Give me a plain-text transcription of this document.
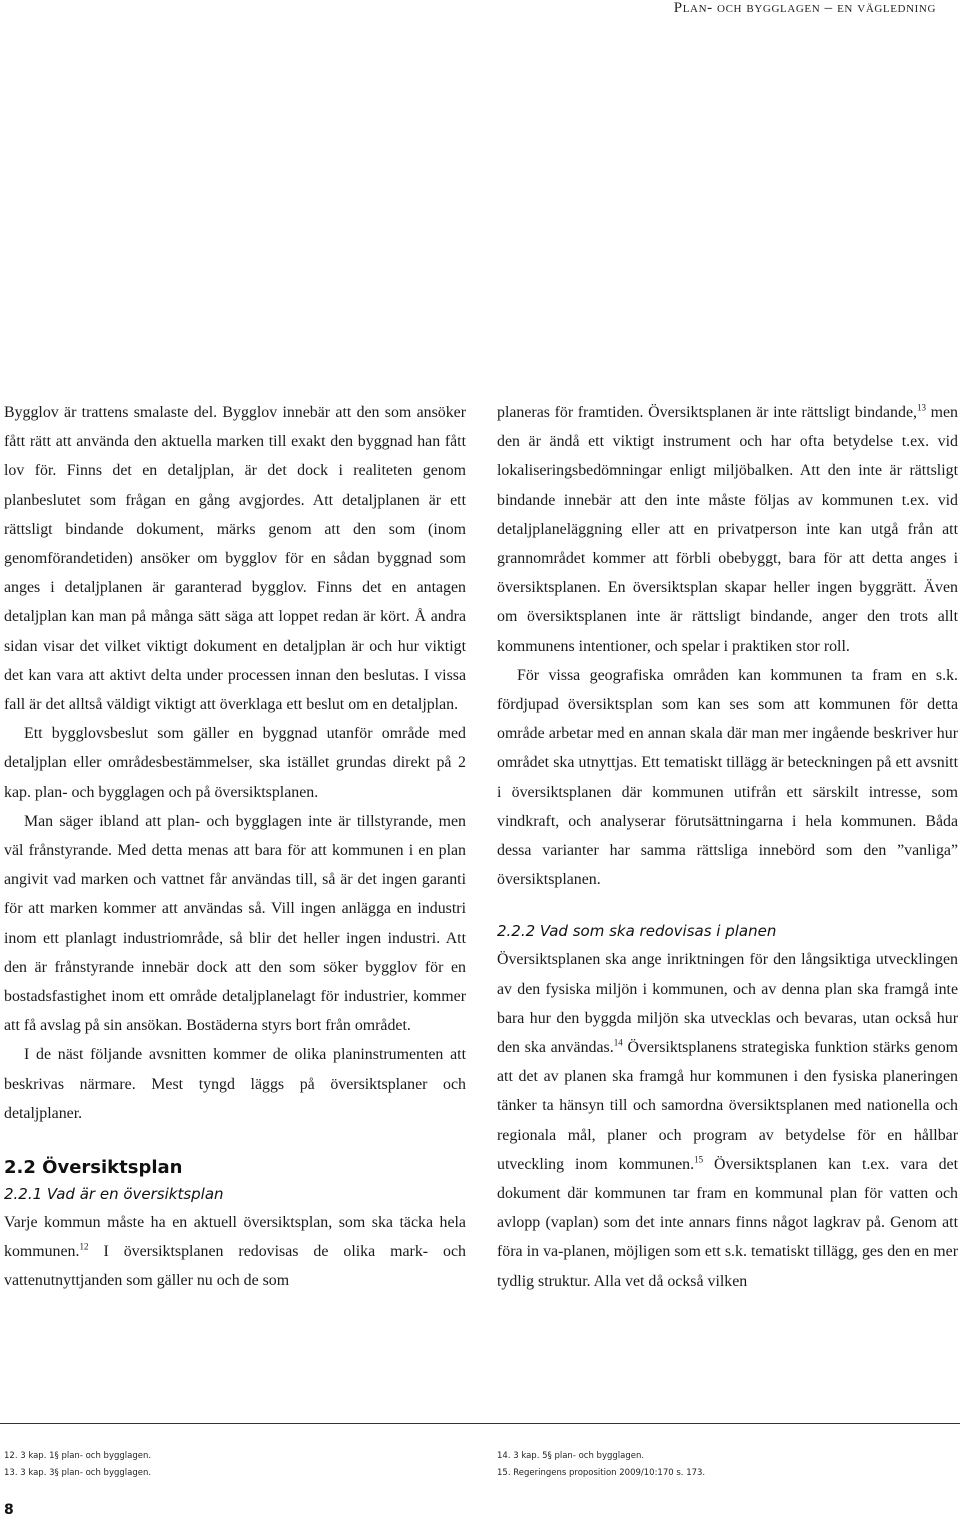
Plan- och bygglagen – en vägledning

Bygglov är trattens smalaste del. Bygglov innebär att den som ansöker fått rätt att använda den aktuella marken till exakt den byggnad han fått lov för. Finns det en detaljplan, är det dock i realiteten genom planbeslutet som frågan en gång avgjordes. Att detaljplanen är ett rättsligt bindande dokument, märks genom att den som (inom genomförandetiden) ansöker om bygglov för en sådan byggnad som anges i detaljplanen är garanterad bygglov. Finns det en antagen detaljplan kan man på många sätt säga att loppet redan är kört. Å andra sidan visar det vilket viktigt dokument en detaljplan är och hur viktigt det kan vara att aktivt delta under processen innan den beslutas. I vissa fall är det alltså väldigt viktigt att överklaga ett beslut om en detaljplan.

Ett bygglovsbeslut som gäller en byggnad utanför område med detaljplan eller områdesbestämmelser, ska istället grundas direkt på 2 kap. plan- och bygglagen och på översiktsplanen.

Man säger ibland att plan- och bygglagen inte är tillstyrande, men väl frånstyrande. Med detta menas att bara för att kommunen i en plan angivit vad marken och vattnet får användas till, så är det ingen garanti för att marken kommer att användas så. Vill ingen anlägga en industri inom ett planlagt industriområde, så blir det heller ingen industri. Att den är frånstyrande innebär dock att den som söker bygglov för en bostadsfastighet inom ett område detaljplanelagt för industrier, kommer att få avslag på sin ansökan. Bostäderna styrs bort från området.

I de näst följande avsnitten kommer de olika planinstrumenten att beskrivas närmare. Mest tyngd läggs på översiktsplaner och detaljplaner.

2.2 Översiktsplan
2.2.1 Vad är en översiktsplan

Varje kommun måste ha en aktuell översiktsplan, som ska täcka hela kommunen.$^{12}$ I översiktsplanen redovisas de olika mark- och vattenutnyttjanden som gäller nu och de som

planeras för framtiden. Översiktsplanen är inte rättsligt bindande,$^{13}$ men den är ändå ett viktigt instrument och har ofta betydelse t.ex. vid lokaliseringsbedömningar enligt miljöbalken. Att den inte är rättsligt bindande innebär att den inte måste följas av kommunen t.ex. vid detaljplaneläggning eller att en privatperson inte kan utgå från att grannområdet kommer att förbli obebyggt, bara för att detta anges i översiktsplanen. En översiktsplan skapar heller ingen byggrätt. Även om översiktsplanen inte är rättsligt bindande, anger den trots allt kommunens intentioner, och spelar i praktiken stor roll.

För vissa geografiska områden kan kommunen ta fram en s.k. fördjupad översiktsplan som kan ses som att kommunen för detta område arbetar med en annan skala där man mer ingående beskriver hur området ska utnyttjas. Ett tematiskt tillägg är beteckningen på ett avsnitt i översiktsplanen där kommunen utifrån ett särskilt intresse, som vindkraft, och analyserar förutsättningarna i hela kommunen. Båda dessa varianter har samma rättsliga innebörd som den ”vanliga” översiktsplanen.

2.2.2 Vad som ska redovisas i planen

Översiktsplanen ska ange inriktningen för den långsiktiga utvecklingen av den fysiska miljön i kommunen, och av denna plan ska framgå inte bara hur den byggda miljön ska utvecklas och bevaras, utan också hur den ska användas.$^{14}$ Översiktsplanens strategiska funktion stärks genom att det av planen ska framgå hur kommunen i den fysiska planeringen tänker ta hänsyn till och samordna översiktsplanen med nationella och regionala mål, planer och program av betydelse för en hållbar utveckling inom kommunen.$^{15}$ Översiktsplanen kan t.ex. vara det dokument där kommunen tar fram en kommunal plan för vatten och avlopp (vaplan) som det inte annars finns något lagkrav på. Genom att föra in va-planen, möjligen som ett s.k. tematiskt tillägg, ges den en mer tydlig struktur. Alla vet då också vilken

12. 3 kap. 1§ plan- och bygglagen.

13. 3 kap. 3§ plan- och bygglagen.

14. 3 kap. 5§ plan- och bygglagen.

15. Regeringens proposition 2009/10:170 s. 173.

8
